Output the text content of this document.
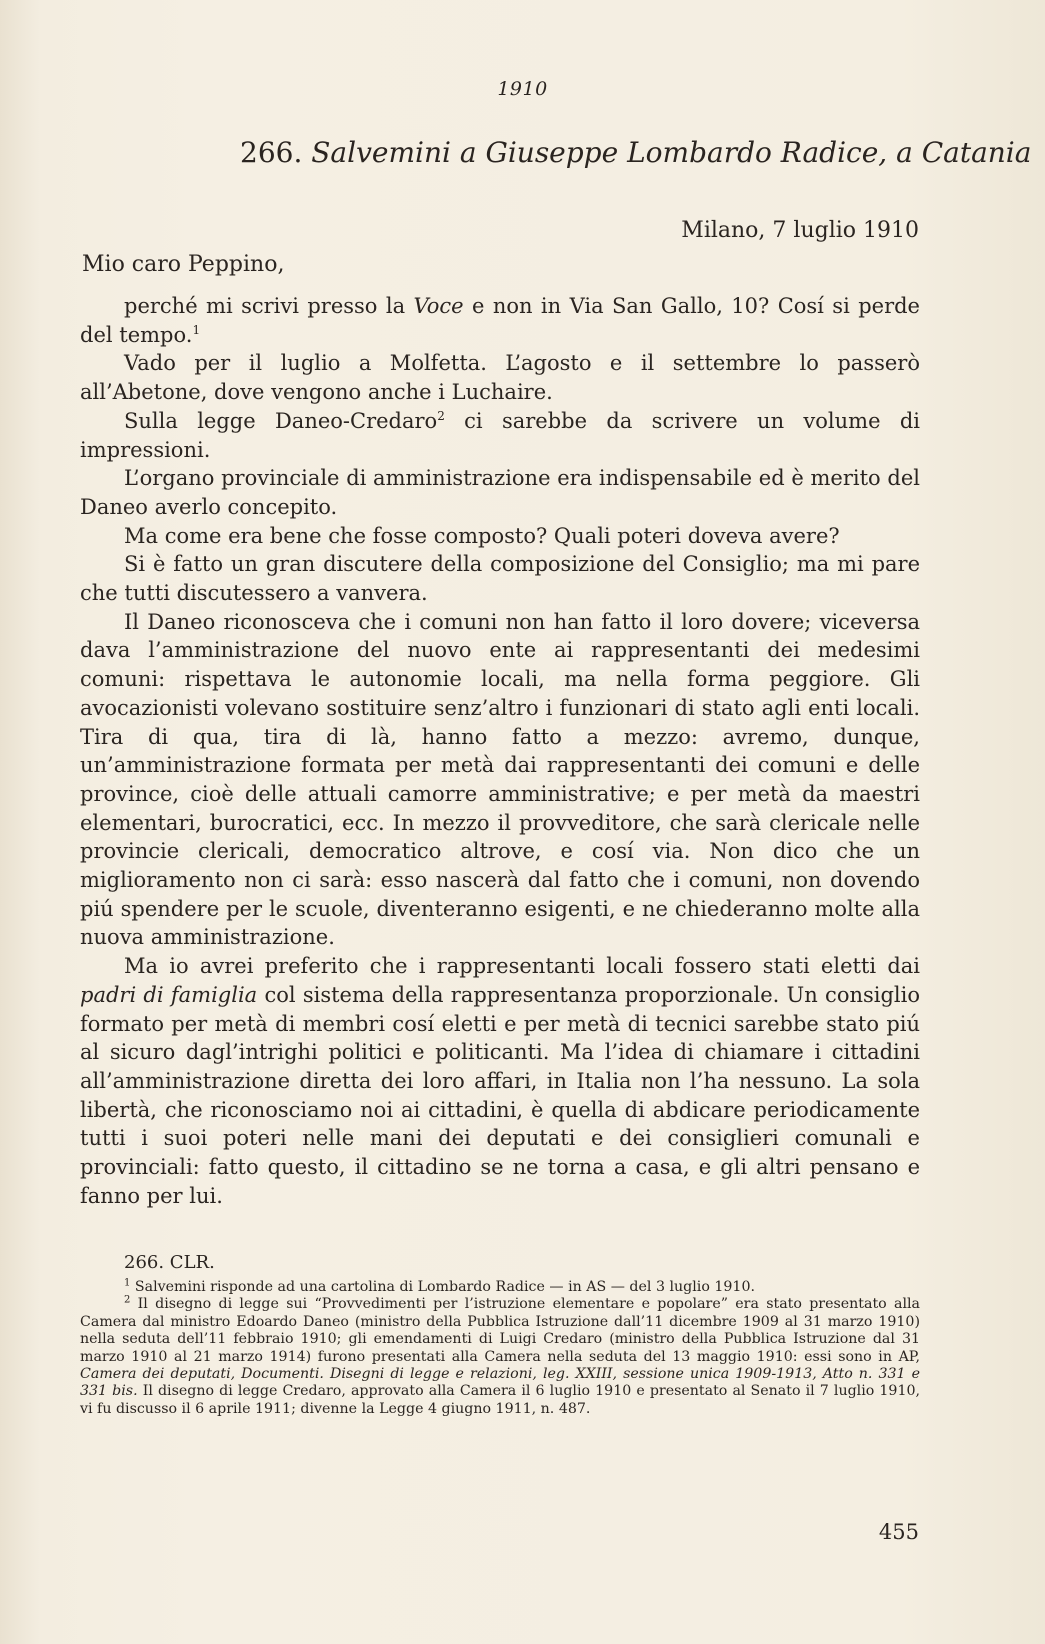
1910
266. Salvemini a Giuseppe Lombardo Radice, a Catania
Milano, 7 luglio 1910
Mio caro Peppino,

perché mi scrivi presso la Voce e non in Via San Gallo, 10? Cosí si perde del tempo.$^1$

Vado per il luglio a Molfetta. L’agosto e il settembre lo passerò all’Abetone, dove vengono anche i Luchaire.

Sulla legge Daneo-Credaro$^2$ ci sarebbe da scrivere un volume di impressioni.

L’organo provinciale di amministrazione era indispensabile ed è merito del Daneo averlo concepito.

Ma come era bene che fosse composto? Quali poteri doveva avere?

Si è fatto un gran discutere della composizione del Consiglio; ma mi pare che tutti discutessero a vanvera.

Il Daneo riconosceva che i comuni non han fatto il loro dovere; viceversa dava l’amministrazione del nuovo ente ai rappresentanti dei medesimi comuni: rispettava le autonomie locali, ma nella forma peggiore. Gli avocazionisti volevano sostituire senz’altro i funzionari di stato agli enti locali. Tira di qua, tira di là, hanno fatto a mezzo: avremo, dunque, un’amministrazione formata per metà dai rappresentanti dei comuni e delle province, cioè delle attuali camorre amministrative; e per metà da maestri elementari, burocratici, ecc. In mezzo il provveditore, che sarà clericale nelle provincie clericali, democratico altrove, e cosí via. Non dico che un miglioramento non ci sarà: esso nascerà dal fatto che i comuni, non dovendo piú spendere per le scuole, diventeranno esigenti, e ne chiederanno molte alla nuova amministrazione.

Ma io avrei preferito che i rappresentanti locali fossero stati eletti dai padri di famiglia col sistema della rappresentanza proporzionale. Un consiglio formato per metà di membri cosí eletti e per metà di tecnici sarebbe stato piú al sicuro dagl’intrighi politici e politicanti. Ma l’idea di chiamare i cittadini all’amministrazione diretta dei loro affari, in Italia non l’ha nessuno. La sola libertà, che riconosciamo noi ai cittadini, è quella di abdicare periodicamente tutti i suoi poteri nelle mani dei deputati e dei consiglieri comunali e provinciali: fatto questo, il cittadino se ne torna a casa, e gli altri pensano e fanno per lui.

266. CLR.

$^1$ Salvemini risponde ad una cartolina di Lombardo Radice — in AS — del 3 luglio 1910.

$^2$ Il disegno di legge sui “Provvedimenti per l’istruzione elementare e popolare” era stato presentato alla Camera dal ministro Edoardo Daneo (ministro della Pubblica Istruzione dall’11 dicembre 1909 al 31 marzo 1910) nella seduta dell’11 febbraio 1910; gli emendamenti di Luigi Credaro (ministro della Pubblica Istruzione dal 31 marzo 1910 al 21 marzo 1914) furono presentati alla Camera nella seduta del 13 maggio 1910: essi sono in AP, Camera dei deputati, Documenti. Disegni di legge e relazioni, leg. XXIII, sessione unica 1909-1913, Atto n. 331 e 331 bis. Il disegno di legge Credaro, approvato alla Camera il 6 luglio 1910 e presentato al Senato il 7 luglio 1910, vi fu discusso il 6 aprile 1911; divenne la Legge 4 giugno 1911, n. 487.

455
